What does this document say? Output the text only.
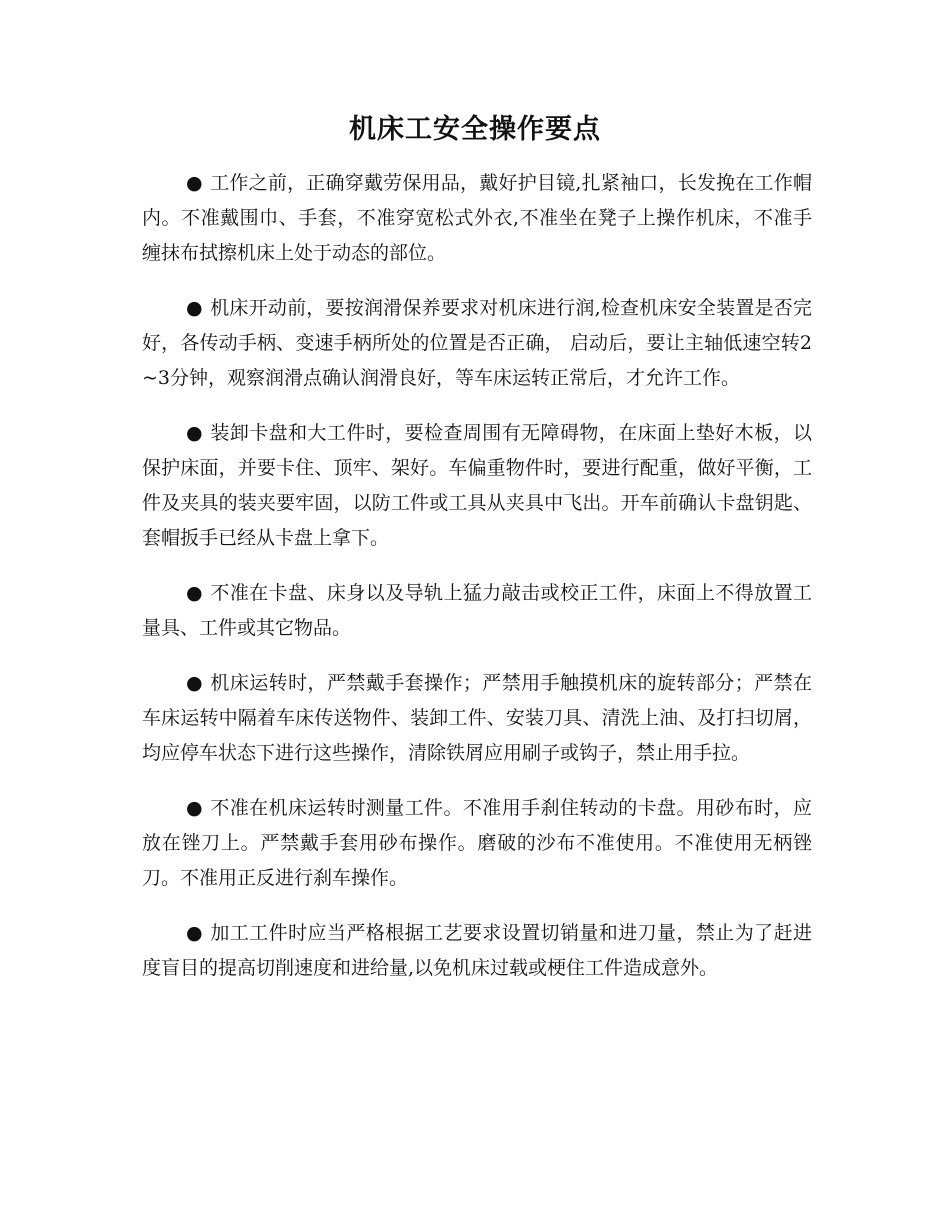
机床工安全操作要点

● 工作之前，正确穿戴劳保用品，戴好护目镜,扎紧袖口，长发挽在工作帽内。不准戴围巾、手套，不准穿宽松式外衣,不准坐在凳子上操作机床，不准手缠抹布拭擦机床上处于动态的部位。

● 机床开动前，要按润滑保养要求对机床进行润,检查机床安全装置是否完好，各传动手柄、变速手柄所处的位置是否正确， 启动后，要让主轴低速空转2~3分钟，观察润滑点确认润滑良好，等车床运转正常后，才允许工作。

● 装卸卡盘和大工件时，要检查周围有无障碍物，在床面上垫好木板，以保护床面，并要卡住、顶牢、架好。车偏重物件时，要进行配重，做好平衡，工件及夹具的装夹要牢固，以防工件或工具从夹具中飞出。开车前确认卡盘钥匙、套帽扳手已经从卡盘上拿下。

● 不准在卡盘、床身以及导轨上猛力敲击或校正工件，床面上不得放置工量具、工件或其它物品。

● 机床运转时，严禁戴手套操作；严禁用手触摸机床的旋转部分；严禁在车床运转中隔着车床传送物件、装卸工件、安装刀具、清洗上油、及打扫切屑，均应停车状态下进行这些操作，清除铁屑应用刷子或钩子，禁止用手拉。

● 不准在机床运转时测量工件。不准用手刹住转动的卡盘。用砂布时，应放在锉刀上。严禁戴手套用砂布操作。磨破的沙布不准使用。不准使用无柄锉刀。不准用正反进行刹车操作。

● 加工工件时应当严格根据工艺要求设置切销量和进刀量，禁止为了赶进度盲目的提高切削速度和进给量,以免机床过载或梗住工件造成意外。
